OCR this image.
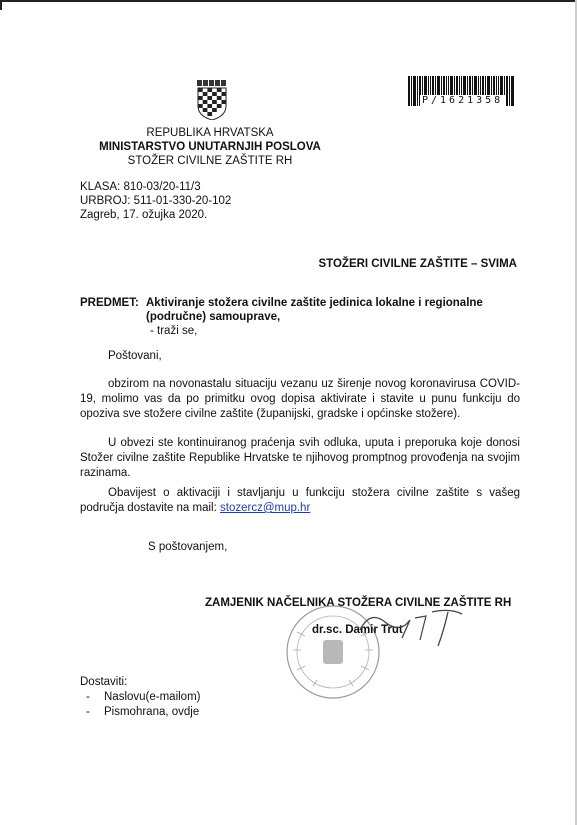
REPUBLIKA HRVATSKA
MINISTARSTVO UNUTARNJIH POSLOVA
STOŽER CIVILNE ZAŠTITE RH
P/1621358
KLASA: 810-03/20-11/3
URBROJ: 511-01-330-20-102
Zagreb, 17. ožujka 2020.
STOŽERI CIVILNE ZAŠTITE – SVIMA
PREDMET: Aktiviranje stožera civilne zaštite jedinica lokalne i regionalne
(područne) samouprave,
- traži se,
Poštovani,
obzirom na novonastalu situaciju vezanu uz širenje novog koronavirusa COVID-19, molimo vas da po primitku ovog dopisa aktivirate i stavite u punu funkciju do opoziva sve stožere civilne zaštite (županijski, gradske i općinske stožere).
U obvezi ste kontinuiranog praćenja svih odluka, uputa i preporuka koje donosi Stožer civilne zaštite Republike Hrvatske te njihovog promptnog provođenja na svojim razinama.
Obavijest o aktivaciji i stavljanju u funkciju stožera civilne zaštite s vašeg područja dostavite na mail: stozercz@mup.hr
S poštovanjem,
ZAMJENIK NAČELNIKA STOŽERA CIVILNE ZAŠTITE RH
dr.sc. Damir Trut
Dostaviti:
- Naslovu(e-mailom)
- Pismohrana, ovdje
